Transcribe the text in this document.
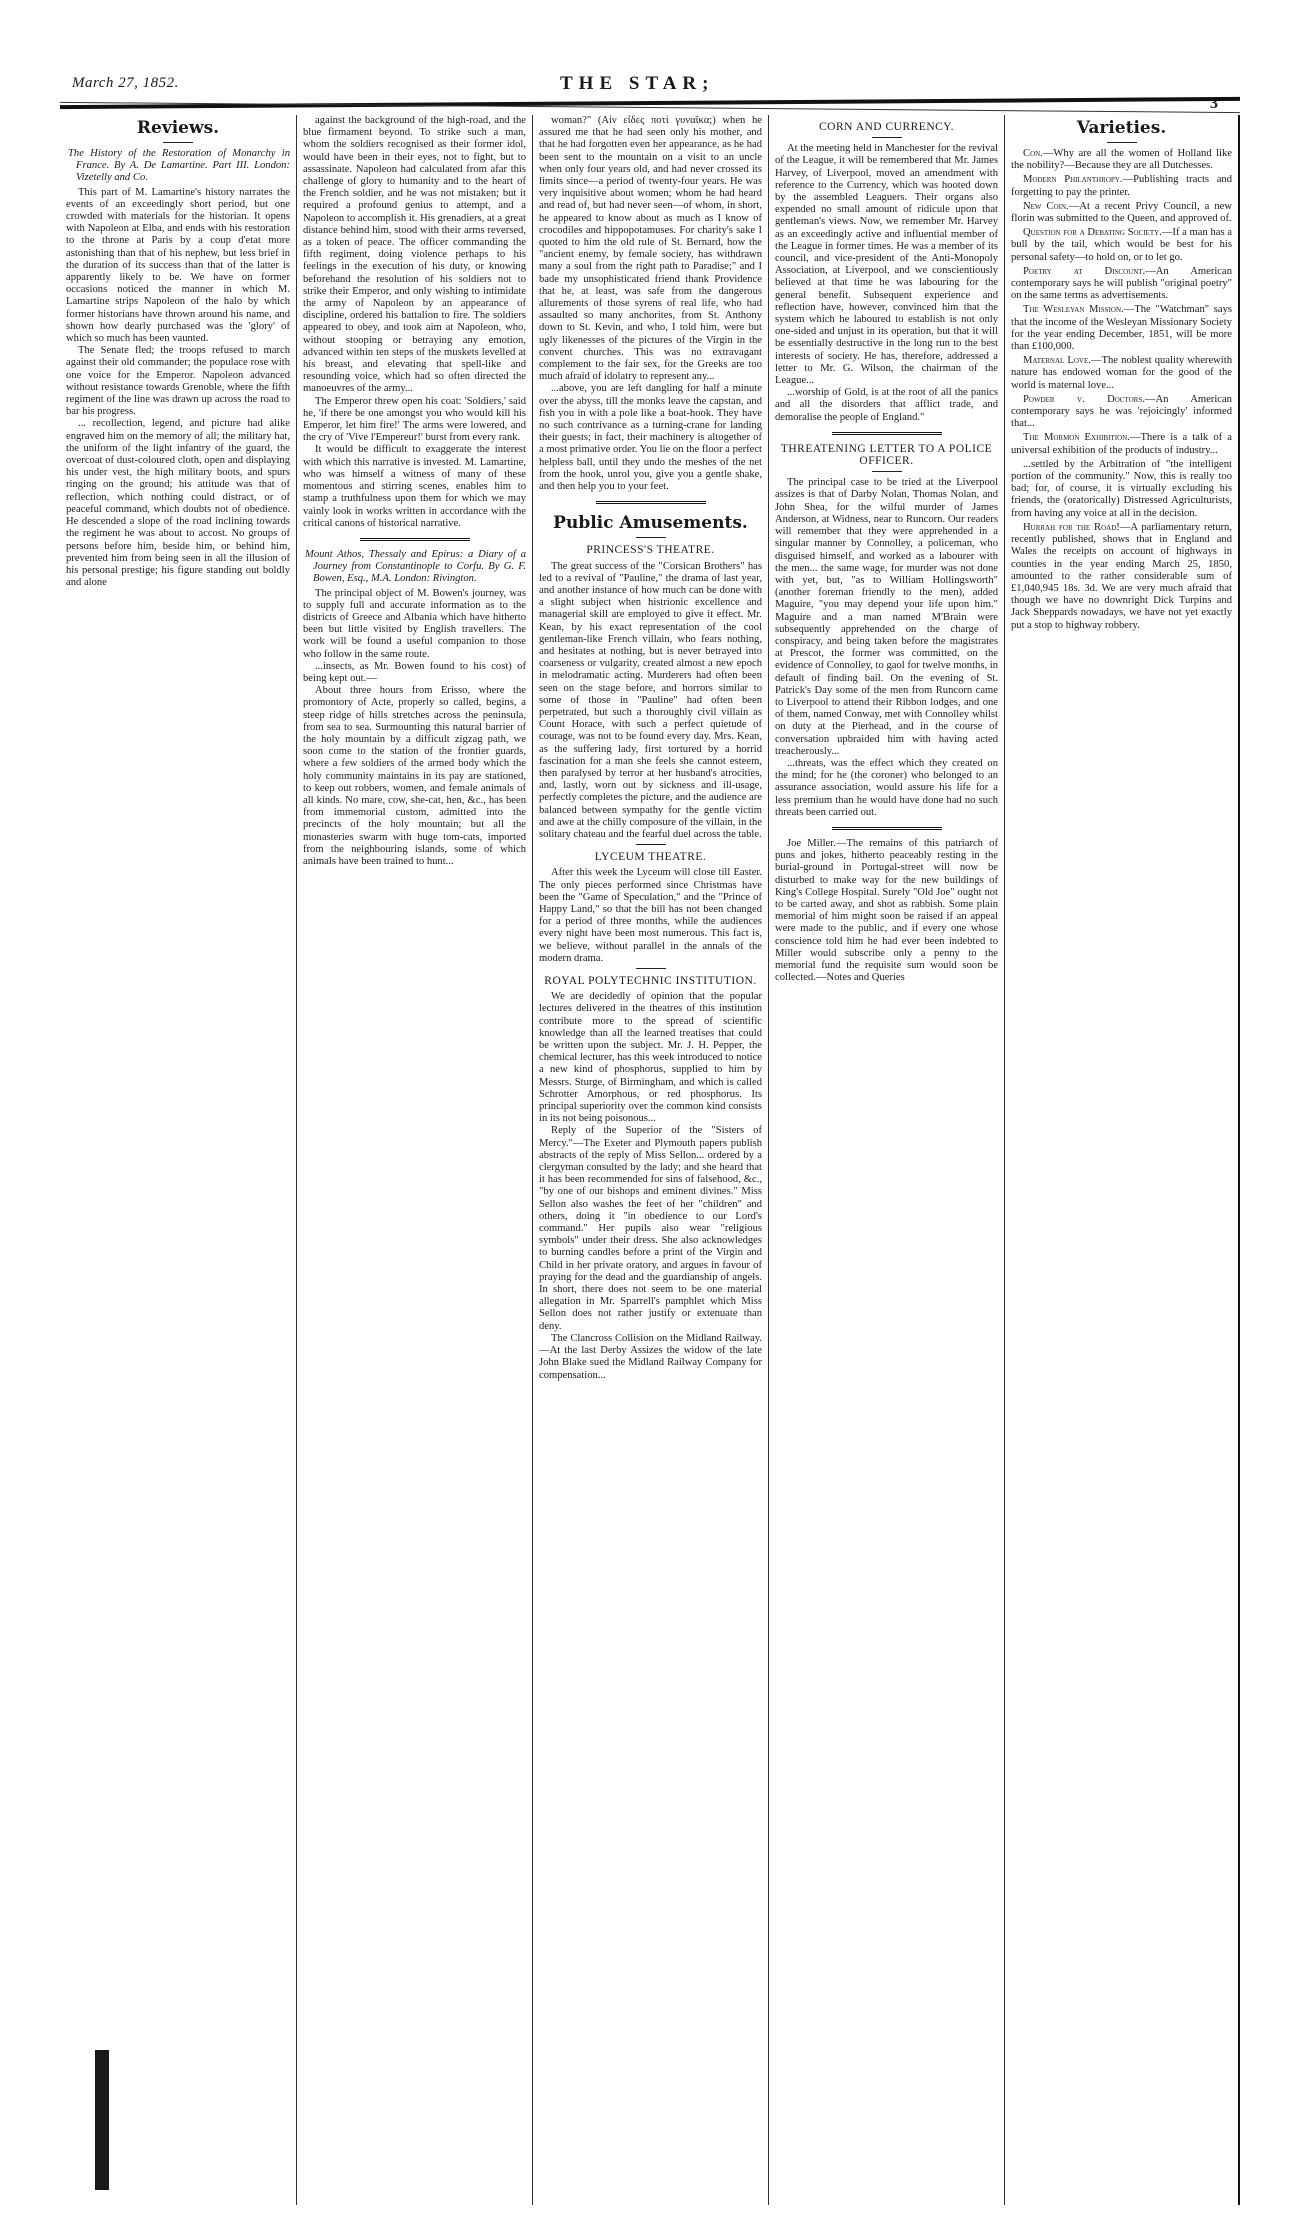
March 27, 1852.	THE STAR;
3
Reviews.

The History of the Restoration of Monarchy in France. By A. De Lamartine. Part III. London: Vizetelly and Co.

This part of M. Lamartine's history narrates the events of an exceedingly short period, but one crowded with materials for the historian. It opens with Napoleon at Elba, and ends with his restoration to the throne at Paris by a coup d'etat more astonishing than that of his nephew, but less brief in the duration of its success than that of the latter is apparently likely to be. We have on former occasions noticed the manner in which M. Lamartine strips Napoleon of the halo by which former historians have thrown around his name, and shown how dearly purchased was the 'glory' of which so much has been vaunted.

The Senate fled; the troops refused to march against their old commander; the populace rose with one voice for the Emperor. Napoleon advanced without resistance towards Grenoble, where the fifth regiment of the line was drawn up across the road to bar his progress.

... recollection, legend, and picture had alike engraved him on the memory of all; the military hat, the uniform of the light infantry of the guard, the overcoat of dust-coloured cloth, open and displaying his under vest, the high military boots, and spurs ringing on the ground; his attitude was that of reflection, which nothing could distract, or of peaceful command, which doubts not of obedience. He descended a slope of the road inclining towards the regiment he was about to accost. No groups of persons before him, beside him, or behind him, prevented him from being seen in all the illusion of his personal prestige; his figure standing out boldly and alone

against the background of the high-road, and the blue firmament beyond. To strike such a man, whom the soldiers recognised as their former idol, would have been in their eyes, not to fight, but to assassinate. Napoleon had calculated from afar this challenge of glory to humanity and to the heart of the French soldier, and he was not mistaken; but it required a profound genius to attempt, and a Napoleon to accomplish it. His grenadiers, at a great distance behind him, stood with their arms reversed, as a token of peace. The officer commanding the fifth regiment, doing violence perhaps to his feelings in the execution of his duty, or knowing beforehand the resolution of his soldiers not to strike their Emperor, and only wishing to intimidate the army of Napoleon by an appearance of discipline, ordered his battalion to fire. The soldiers appeared to obey, and took aim at Napoleon, who, without stooping or betraying any emotion, advanced within ten steps of the muskets levelled at his breast, and elevating that spell-like and resounding voice, which had so often directed the manoeuvres of the army...

The Emperor threw open his coat: 'Soldiers,' said he, 'if there be one amongst you who would kill his Emperor, let him fire!' The arms were lowered, and the cry of 'Vive l'Empereur!' burst from every rank.

It would be difficult to exaggerate the interest with which this narrative is invested. M. Lamartine, who was himself a witness of many of these momentous and stirring scenes, enables him to stamp a truthfulness upon them for which we may vainly look in works written in accordance with the critical canons of historical narrative.

Mount Athos, Thessaly and Epirus: a Diary of a Journey from Constantinople to Corfu. By G. F. Bowen, Esq., M.A. London: Rivington.

The principal object of M. Bowen's journey, was to supply full and accurate information as to the districts of Greece and Albania which have hitherto been but little visited by English travellers. The work will be found a useful companion to those who follow in the same route.

...insects, as Mr. Bowen found to his cost) of being kept out.—

About three hours from Erisso, where the promontory of Acte, properly so called, begins, a steep ridge of hills stretches across the peninsula, from sea to sea. Surmounting this natural barrier of the holy mountain by a difficult zigzag path, we soon come to the station of the frontier guards, where a few soldiers of the armed body which the holy community maintains in its pay are stationed, to keep out robbers, women, and female animals of all kinds. No mare, cow, she-cat, hen, &c., has been from immemorial custom, admitted into the precincts of the holy mountain; but all the monasteries swarm with huge tom-cats, imported from the neighbouring islands, some of which animals have been trained to hunt...

woman?" (Αἰν εἶδες ποτὶ γυναῖκα;) when he assured me that he had seen only his mother, and that he had forgotten even her appearance, as he had been sent to the mountain on a visit to an uncle when only four years old, and had never crossed its limits since—a period of twenty-four years. He was very inquisitive about women; whom he had heard and read of, but had never seen—of whom, in short, he appeared to know about as much as I know of crocodiles and hippopotamuses. For charity's sake I quoted to him the old rule of St. Bernard, how the "ancient enemy, by female society, has withdrawn many a soul from the right path to Paradise;" and I bade my unsophisticated friend thank Providence that he, at least, was safe from the dangerous allurements of those syrens of real life, who had assaulted so many anchorites, from St. Anthony down to St. Kevin, and who, I told him, were but ugly likenesses of the pictures of the Virgin in the convent churches. This was no extravagant complement to the fair sex, for the Greeks are too much afraid of idolatry to represent any...

...above, you are left dangling for half a minute over the abyss, till the monks leave the capstan, and fish you in with a pole like a boat-hook. They have no such contrivance as a turning-crane for landing their guests; in fact, their machinery is altogether of a most primative order. You lie on the floor a perfect helpless ball, until they undo the meshes of the net from the hook, unrol you, give you a gentle shake, and then help you to your feet.

Public Amusements.
PRINCESS'S THEATRE.

The great success of the "Corsican Brothers" has led to a revival of "Pauline," the drama of last year, and another instance of how much can be done with a slight subject when histrionic excellence and managerial skill are employed to give it effect. Mr. Kean, by his exact representation of the cool gentleman-like French villain, who fears nothing, and hesitates at nothing, but is never betrayed into coarseness or vulgarity, created almost a new epoch in melodramatic acting. Murderers had often been seen on the stage before, and horrors similar to some of those in "Pauline" had often been perpetrated, but such a thoroughly civil villain as Count Horace, with such a perfect quietude of courage, was not to be found every day. Mrs. Kean, as the suffering lady, first tortured by a horrid fascination for a man she feels she cannot esteem, then paralysed by terror at her husband's atrocities, and, lastly, worn out by sickness and ill-usage, perfectly completes the picture, and the audience are balanced between sympathy for the gentle victim and awe at the chilly composure of the villain, in the solitary chateau and the fearful duel across the table.

LYCEUM THEATRE.

After this week the Lyceum will close till Easter. The only pieces performed since Christmas have been the "Game of Speculation," and the "Prince of Happy Land," so that the bill has not been changed for a period of three months, while the audiences every night have been most numerous. This fact is, we believe, without parallel in the annals of the modern drama.

ROYAL POLYTECHNIC INSTITUTION.

We are decidedly of opinion that the popular lectures delivered in the theatres of this institution contribute more to the spread of scientific knowledge than all the learned treatises that could be written upon the subject. Mr. J. H. Pepper, the chemical lecturer, has this week introduced to notice a new kind of phosphorus, supplied to him by Messrs. Sturge, of Birmingham, and which is called Schrotter Amorphous, or red phosphorus. Its principal superiority over the common kind consists in its not being poisonous...

Reply of the Superior of the "Sisters of Mercy."—The Exeter and Plymouth papers publish abstracts of the reply of Miss Sellon... ordered by a clergyman consulted by the lady; and she heard that it has been recommended for sins of falsehood, &c., "by one of our bishops and eminent divines." Miss Sellon also washes the feet of her "children" and others, doing it "in obedience to our Lord's command." Her pupils also wear "religious symbols" under their dress. She also acknowledges to burning candles before a print of the Virgin and Child in her private oratory, and argues in favour of praying for the dead and the guardianship of angels. In short, there does not seem to be one material allegation in Mr. Sparrell's pamphlet which Miss Sellon does not rather justify or extenuate than deny.

The Clancross Collision on the Midland Railway.—At the last Derby Assizes the widow of the late John Blake sued the Midland Railway Company for compensation...

CORN AND CURRENCY.

At the meeting held in Manchester for the revival of the League, it will be remembered that Mr. James Harvey, of Liverpool, moved an amendment with reference to the Currency, which was hooted down by the assembled Leaguers. Their organs also expended no small amount of ridicule upon that gentleman's views. Now, we remember Mr. Harvey as an exceedingly active and influential member of the League in former times. He was a member of its council, and vice-president of the Anti-Monopoly Association, at Liverpool, and we conscientiously believed at that time he was labouring for the general benefit. Subsequent experience and reflection have, however, convinced him that the system which he laboured to establish is not only one-sided and unjust in its operation, but that it will be essentially destructive in the long run to the best interests of society. He has, therefore, addressed a letter to Mr. G. Wilson, the chairman of the League...

...worship of Gold, is at the root of all the panics and all the disorders that afflict trade, and demoralise the people of England."

THREATENING LETTER TO A POLICE OFFICER.

The principal case to be tried at the Liverpool assizes is that of Darby Nolan, Thomas Nolan, and John Shea, for the wilful murder of James Anderson, at Widness, near to Runcorn. Our readers will remember that they were apprehended in a singular manner by Connolley, a policeman, who disguised himself, and worked as a labourer with the men... the same wage, for murder was not done with yet, but, "as to William Hollingsworth" (another foreman friendly to the men), added Maguire, "you may depend your life upon him." Maguire and a man named M'Brain were subsequently apprehended on the charge of conspiracy, and being taken before the magistrates at Prescot, the former was committed, on the evidence of Connolley, to gaol for twelve months, in default of finding bail. On the evening of St. Patrick's Day some of the men from Runcorn came to Liverpool to attend their Ribbon lodges, and one of them, named Conway, met with Connolley whilst on duty at the Pierhead, and in the course of conversation upbraided him with having acted treacherously...

...threats, was the effect which they created on the mind; for he (the coroner) who belonged to an assurance association, would assure his life for a less premium than he would have done had no such threats been carried out.

Joe Miller.—The remains of this patriarch of puns and jokes, hitherto peaceably resting in the burial-ground in Portugal-street will now be disturbed to make way for the new buildings of King's College Hospital. Surely "Old Joe" ought not to be carted away, and shot as rabbish. Some plain memorial of him might soon be raised if an appeal were made to the public, and if every one whose conscience told him he had ever been indebted to Miller would subscribe only a penny to the memorial fund the requisite sum would soon be collected.—Notes and Queries

Varieties.

Con.—Why are all the women of Holland like the nobility?—Because they are all Dutchesses.

Modern Philanthropy.—Publishing tracts and forgetting to pay the printer.

New Coin.—At a recent Privy Council, a new florin was submitted to the Queen, and approved of.

Question for a Debating Society.—If a man has a bull by the tail, which would be best for his personal safety—to hold on, or to let go.

Poetry at Discount.—An American contemporary says he will publish "original poetry" on the same terms as advertisements.

The Wesleyan Mission.—The "Watchman" says that the income of the Wesleyan Missionary Society for the year ending December, 1851, will be more than £100,000.

Maternal Love.—The noblest quality wherewith nature has endowed woman for the good of the world is maternal love...

Powder v. Doctors.—An American contemporary says he was 'rejoicingly' informed that...

The Mormon Exhibition.—There is a talk of a universal exhibition of the products of industry...

...settled by the Arbitration of "the intelligent portion of the community." Now, this is really too bad; for, of course, it is virtually excluding his friends, the (oratorically) Distressed Agriculturists, from having any voice at all in the decision.

Hurrah for the Road!—A parliamentary return, recently published, shows that in England and Wales the receipts on account of highways in counties in the year ending March 25, 1850, amounted to the rather considerable sum of £1,040,945 18s. 3d. We are very much afraid that though we have no downright Dick Turpins and Jack Sheppards nowadays, we have not yet exactly put a stop to highway robbery.
